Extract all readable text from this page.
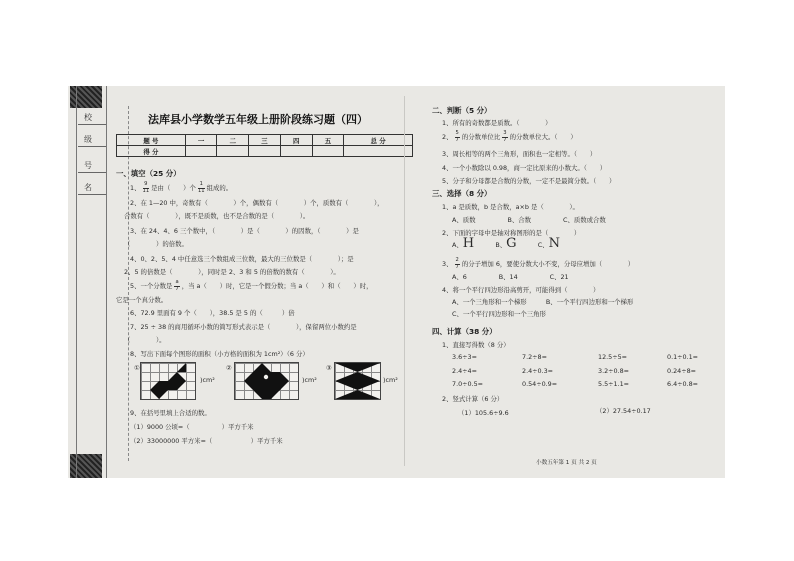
校
级
号
名
法库县小学数学五年级上册阶段练习题（四）
题 号	一	二	三	四	五	总 分
得 分						
一、填空（25 分）
1、 $\frac{9}{11}$ 是由（　　 ）个 $\frac{1}{11}$ 组成的。
2、在 1—20 中，奇数有（　　　　）个，偶数有（　　　　）个，质数有（　　　　），
合数有（　　　　），既不是质数，也不是合数的是（　　　　）。
3、在 24、4、6 三个数中，（　　　　）是（　　　　）的因数，（　　　　）是
（　　　　）的倍数。
4、0、2、5、4 中任意选三个数组成三位数，最大的三位数是（　　　　）；是
2、5 的倍数是（　　　　），同时是 2、3 和 5 的倍数的数有（　　　　）。
5、一个分数是 $\frac{a}{7}$ ，当 a（　　）时，它是一个假分数；当 a（　　）和（　　）时，
它是一个真分数。
6、72.9 里面有 9 个（　　），38.5 是 5 的（　　　）倍
7、25 ÷ 38 的商用循环小数的简写形式表示是（　　　　），保留两位小数约是
（　　　　）。
8、写出下面每个图形的面积（小方格的面积为 1cm²）（6 分）
①
)cm²
②
)cm²
③
)cm²
9、在括号里填上合适的数。
（1）9000 公顷=（　　　　　）平方千米
（2）33000000 平方米=（　　　　　　）平方千米
二、判断（5 分）
1、所有的奇数都是质数。（　　　　）
2、 $\frac{5}{7}$ 的分数单位比 $\frac{3}{7}$ 的分数单位大。（　　）
3、周长相等的两个三角形，面积也一定相等。（　　）
4、一个小数除以 0.98，商一定比原来的小数大。（　　）
5、分子和分母都是合数的分数，一定不是最简分数。（　　）
三、选择（8 分）
1、a 是质数，b 是合数，a×b 是（　　　　）。
A、质数　　　　　B、合数　　　　　C、质数或合数
2、下面的字母中是轴对称图形的是（　　　　）
A、H　　　	B、G　　　	C、N
3、 $\frac{2}{7}$ 的分子增加 6，要使分数大小不变，分母应增加（　　　　）
A、6　　　　　B、14　　　　　C、21
4、将一个平行四边形沿高剪开，可能得到（　　　　）
A、一个三角形和一个梯形　　　B、一个平行四边形和一个梯形
C、一个平行四边形和一个三角形
四、计算（38 分）
1、直接写得数（8 分）
3.6÷3=	7.2÷8=	12.5÷5=	0.1÷0.1=
2.4÷4=	2.4÷0.3=	3.2÷0.8=	0.24÷8=
7.0÷0.5=	0.54÷0.9=	5.5÷1.1=	6.4÷0.8=
2、竖式计算（6 分）
（1）105.6÷9.6	（2）27.54÷0.17
小数五年第 1 页 共 2 页
